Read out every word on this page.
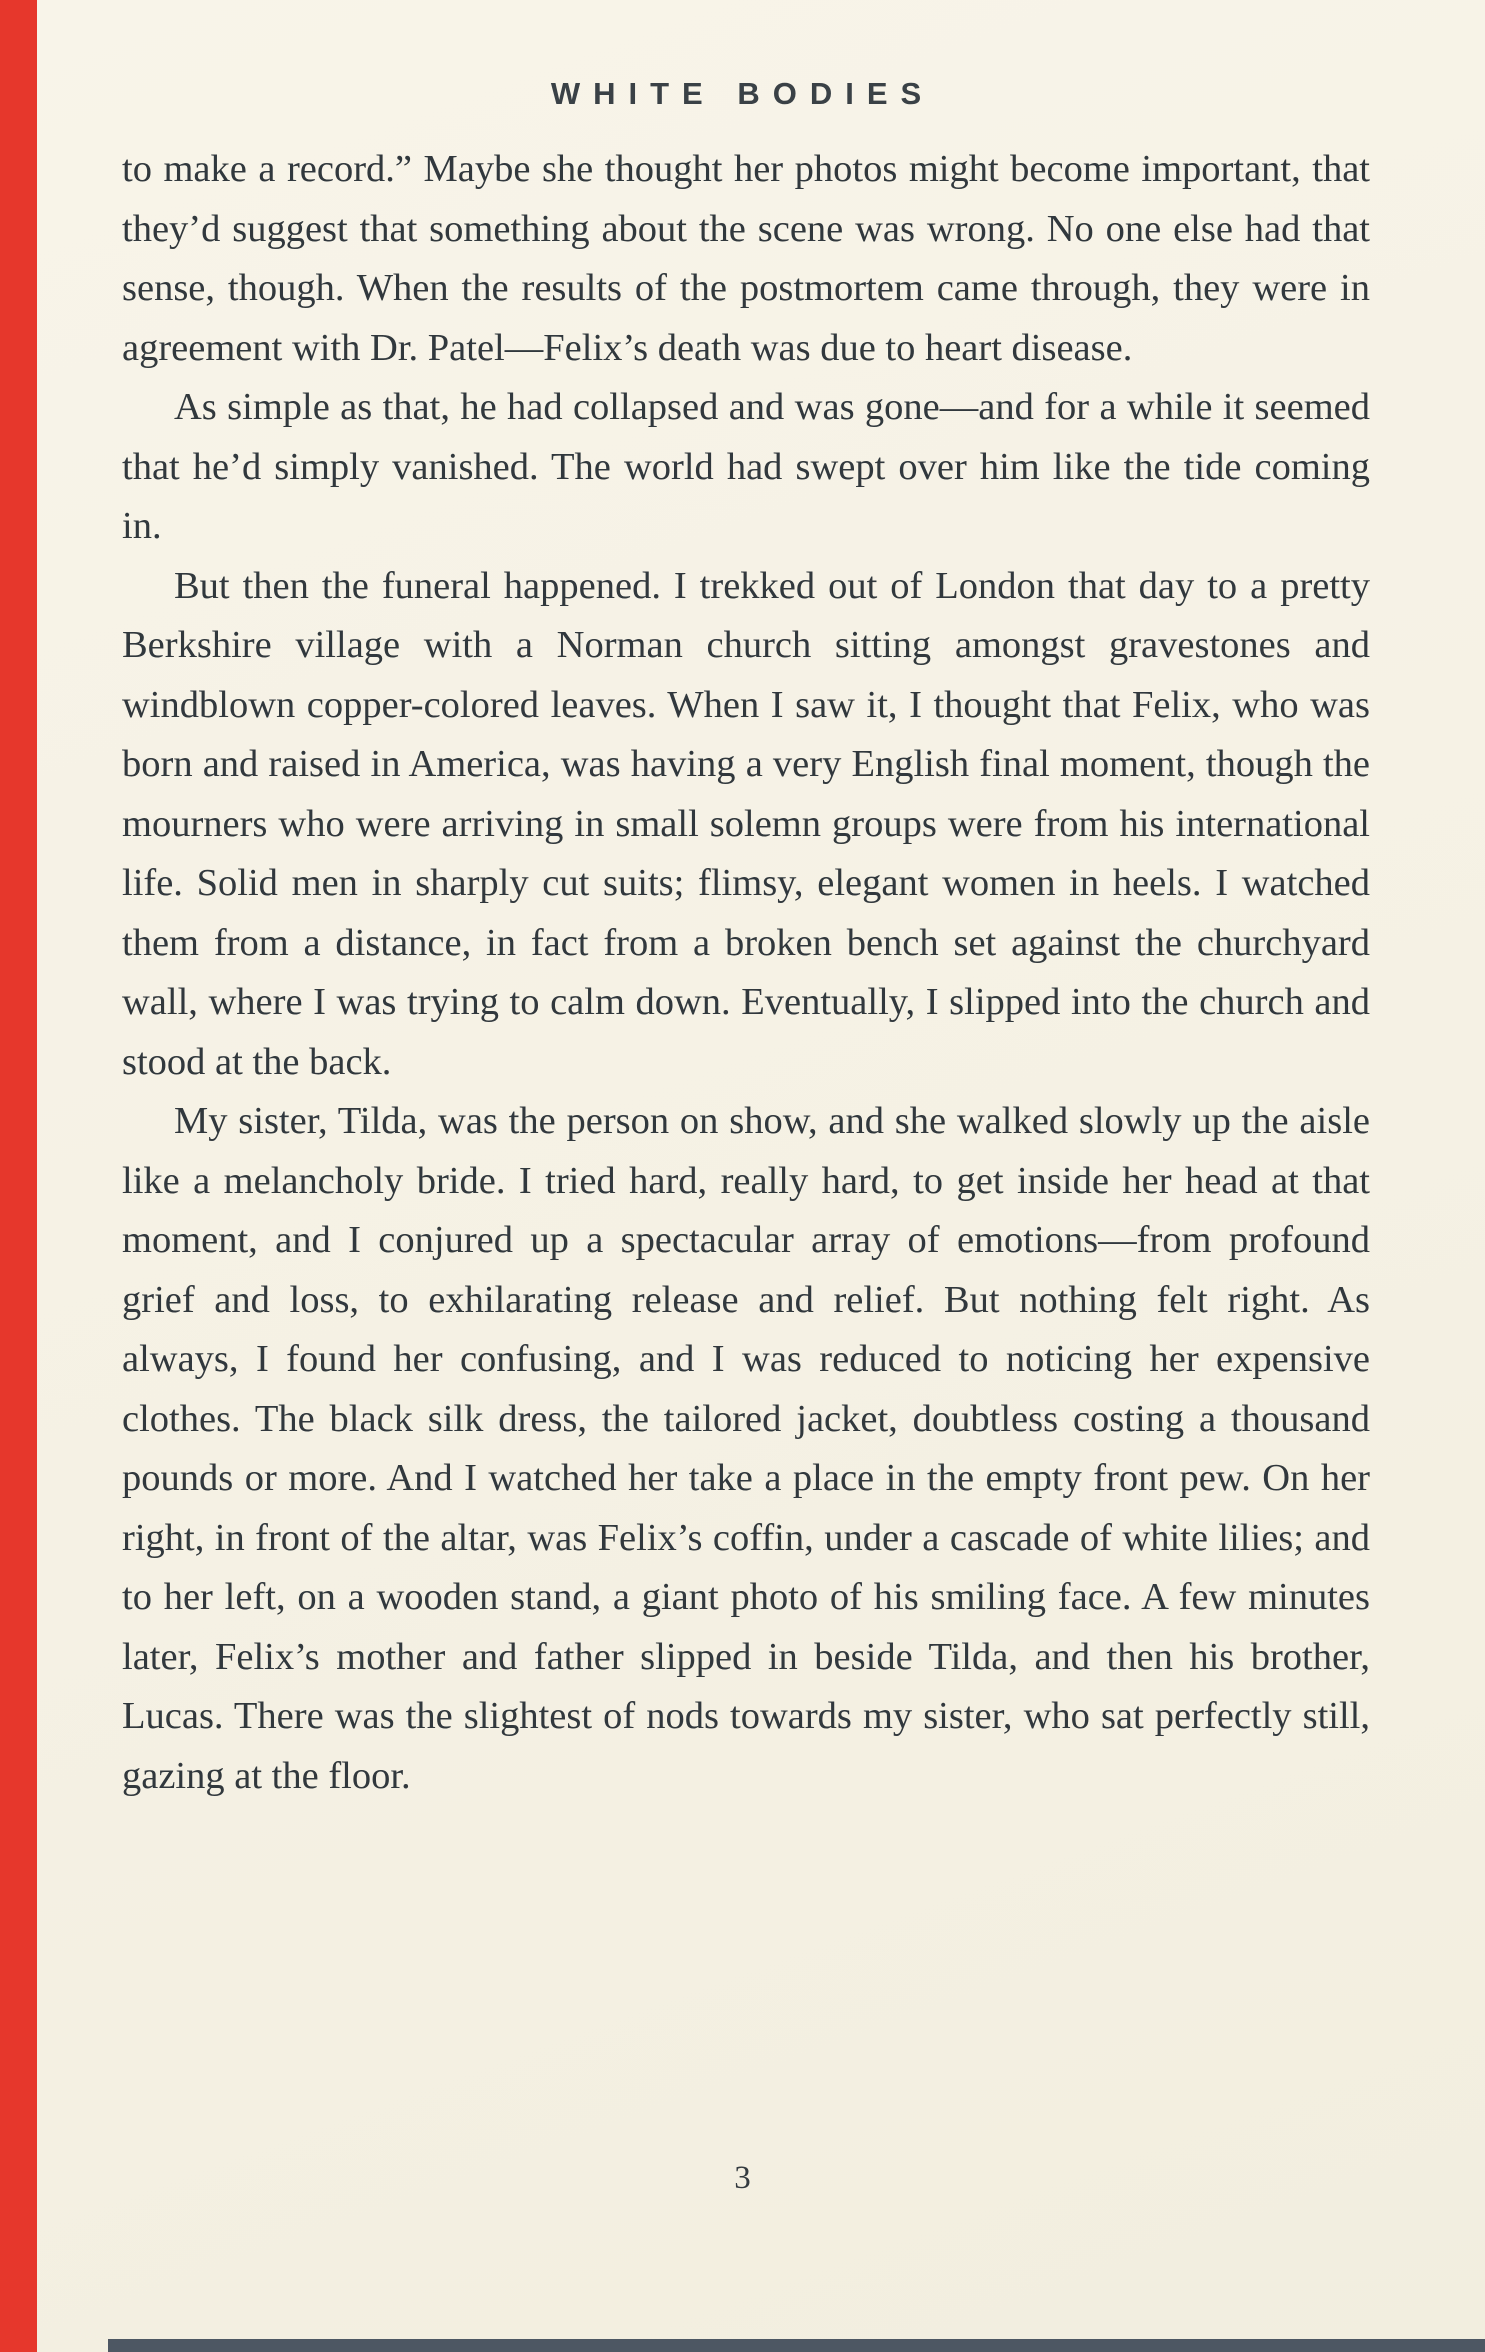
WHITE BODIES

to make a record.” Maybe she thought her photos might become important, that they’d suggest that something about the scene was wrong. No one else had that sense, though. When the results of the postmortem came through, they were in agreement with Dr. Patel—Felix’s death was due to heart disease.

As simple as that, he had collapsed and was gone—and for a while it seemed that he’d simply vanished. The world had swept over him like the tide coming in.

But then the funeral happened. I trekked out of London that day to a pretty Berkshire village with a Norman church sitting amongst gravestones and windblown copper-colored leaves. When I saw it, I thought that Felix, who was born and raised in America, was having a very English final moment, though the mourners who were arriving in small solemn groups were from his international life. Solid men in sharply cut suits; flimsy, elegant women in heels. I watched them from a distance, in fact from a broken bench set against the churchyard wall, where I was trying to calm down. Eventually, I slipped into the church and stood at the back.

My sister, Tilda, was the person on show, and she walked slowly up the aisle like a melancholy bride. I tried hard, really hard, to get inside her head at that moment, and I conjured up a spectacular array of emotions—from profound grief and loss, to exhilarating release and relief. But nothing felt right. As always, I found her confusing, and I was reduced to noticing her expensive clothes. The black silk dress, the tailored jacket, doubtless costing a thousand pounds or more. And I watched her take a place in the empty front pew. On her right, in front of the altar, was Felix’s coffin, under a cascade of white lilies; and to her left, on a wooden stand, a giant photo of his smiling face. A few minutes later, Felix’s mother and father slipped in beside Tilda, and then his brother, Lucas. There was the slightest of nods towards my sister, who sat perfectly still, gazing at the floor.

3
